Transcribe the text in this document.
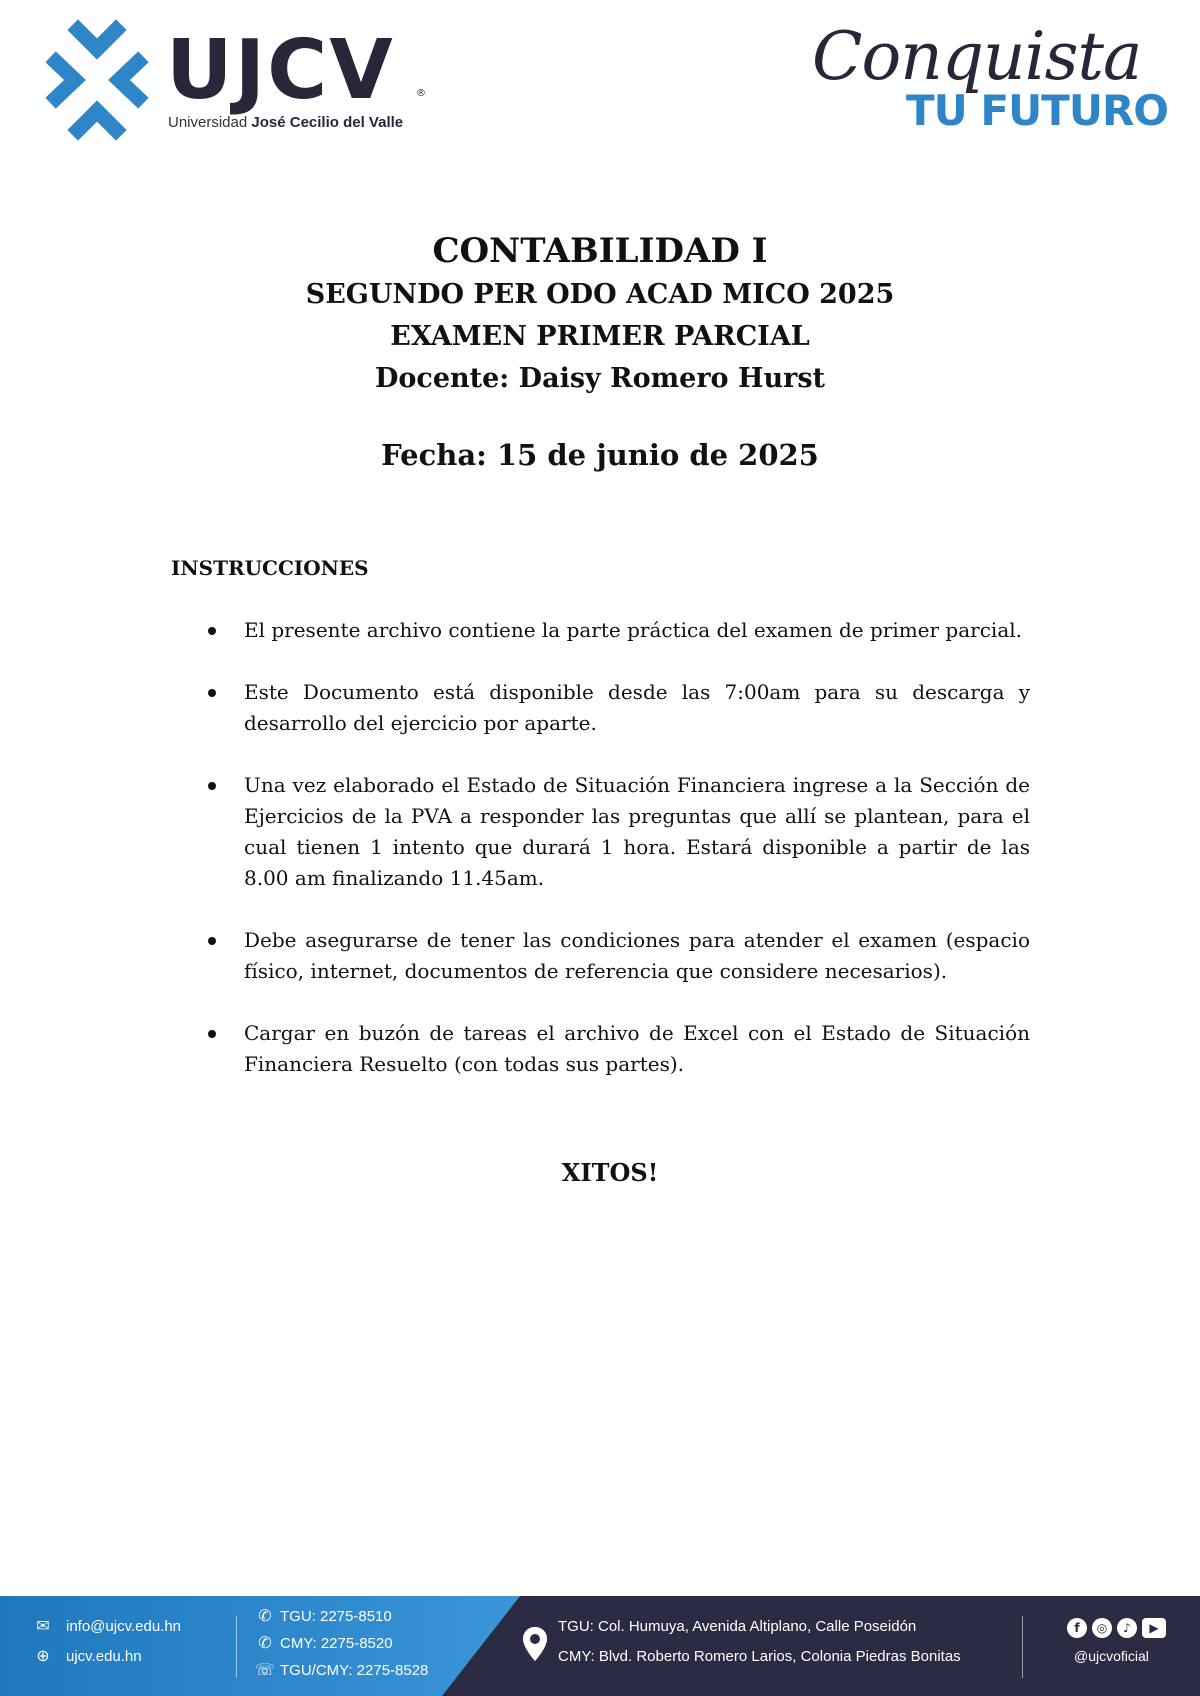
UJCV ®
Universidad José Cecilio del Valle
Conquista
TU FUTURO
CONTABILIDAD I
SEGUNDO PER ODO ACAD MICO 2025
EXAMEN PRIMER PARCIAL
Docente: Daisy Romero Hurst
Fecha: 15 de junio de 2025
INSTRUCCIONES
El presente archivo contiene la parte práctica del examen de primer parcial.
Este Documento está disponible desde las 7:00am para su descarga y desarrollo del ejercicio por aparte.
Una vez elaborado el Estado de Situación Financiera ingrese a la Sección de Ejercicios de la PVA a responder las preguntas que allí se plantean, para el cual tienen 1 intento que durará 1 hora. Estará disponible a partir de las 8.00 am finalizando 11.45am.
Debe asegurarse de tener las condiciones para atender el examen (espacio físico, internet, documentos de referencia que considere necesarios).
Cargar en buzón de tareas el archivo de Excel con el Estado de Situación Financiera Resuelto (con todas sus partes).
XITOS!
✉ info@ujcv.edu.hn
⊕ ujcv.edu.hn
✆ TGU: 2275-8510
✆ CMY: 2275-8520
☏ TGU/CMY: 2275-8528
TGU: Col. Humuya, Avenida Altiplano, Calle Poseidón
CMY: Blvd. Roberto Romero Larios, Colonia Piedras Bonitas
f	◎	♪	▶
@ujcvoficial
